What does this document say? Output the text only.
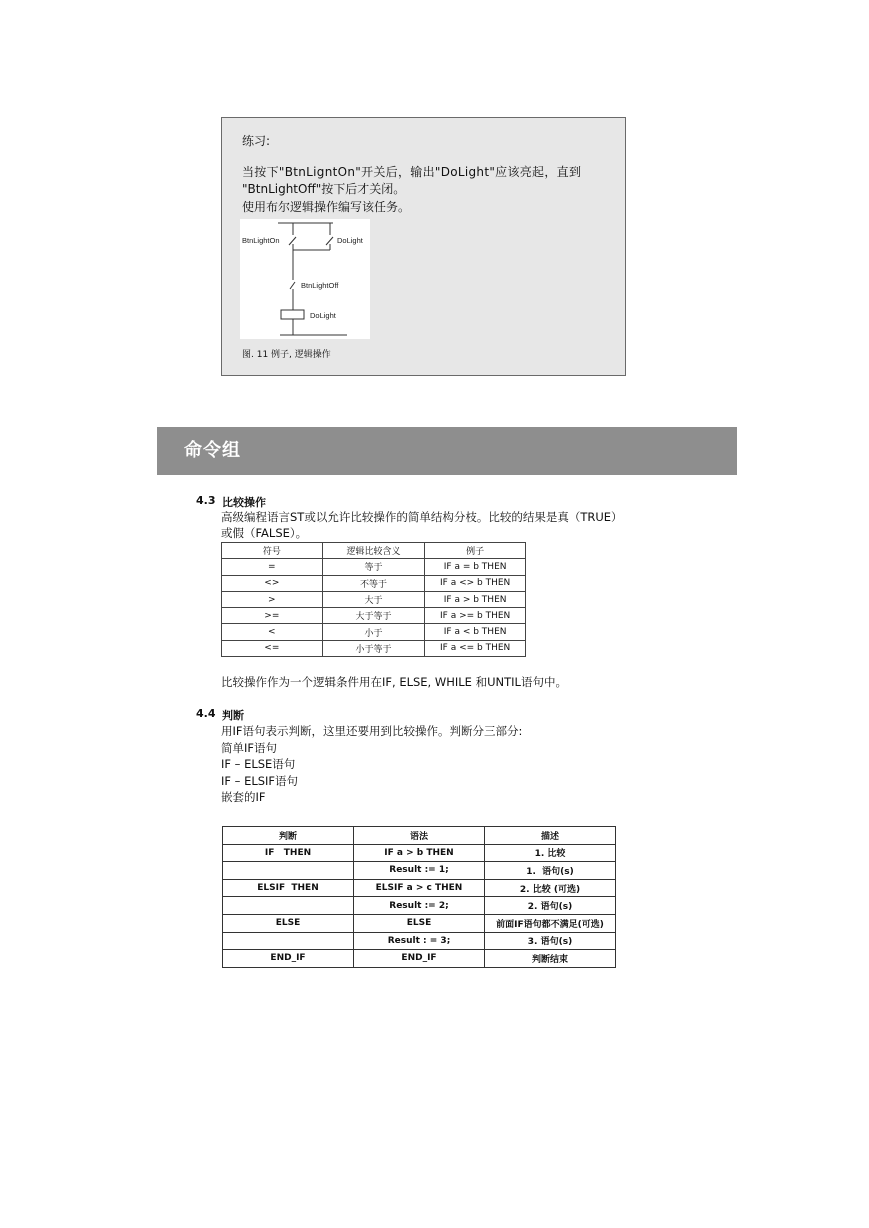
练习:
当按下"BtnLigntOn"开关后，输出"DoLight"应该亮起，直到
"BtnLightOff"按下后才关闭。
使用布尔逻辑操作编写该任务。
BtnLightOn	DoLight
BtnLightOff
DoLight
图. 11 例子, 逻辑操作
命令组
4.3 比较操作
高级编程语言ST或以允许比较操作的简单结构分枝。比较的结果是真（TRUE）
或假（FALSE）。
符号	逻辑比较含义	例子
=	等于	IF a = b THEN
<>	不等于	IF a <> b THEN
>	大于	IF a > b THEN
>=	大于等于	IF a >= b THEN
<	小于	IF a < b THEN
<=	小于等于	IF a <= b THEN
比较操作作为一个逻辑条件用在IF, ELSE, WHILE 和UNTIL语句中。
4.4 判断
用IF语句表示判断，这里还要用到比较操作。判断分三部分:
简单IF语句
IF – ELSE语句
IF – ELSIF语句
嵌套的IF
判断	语法	描述
IF   THEN	IF a > b THEN	1. 比较
	Result := 1;	1.  语句(s)
ELSIF  THEN	ELSIF a > c THEN	2. 比较 (可选)
	Result := 2;	2. 语句(s)
ELSE	ELSE	前面IF语句都不满足(可选)
	Result : = 3;	3. 语句(s)
END_IF	END_IF	判断结束
